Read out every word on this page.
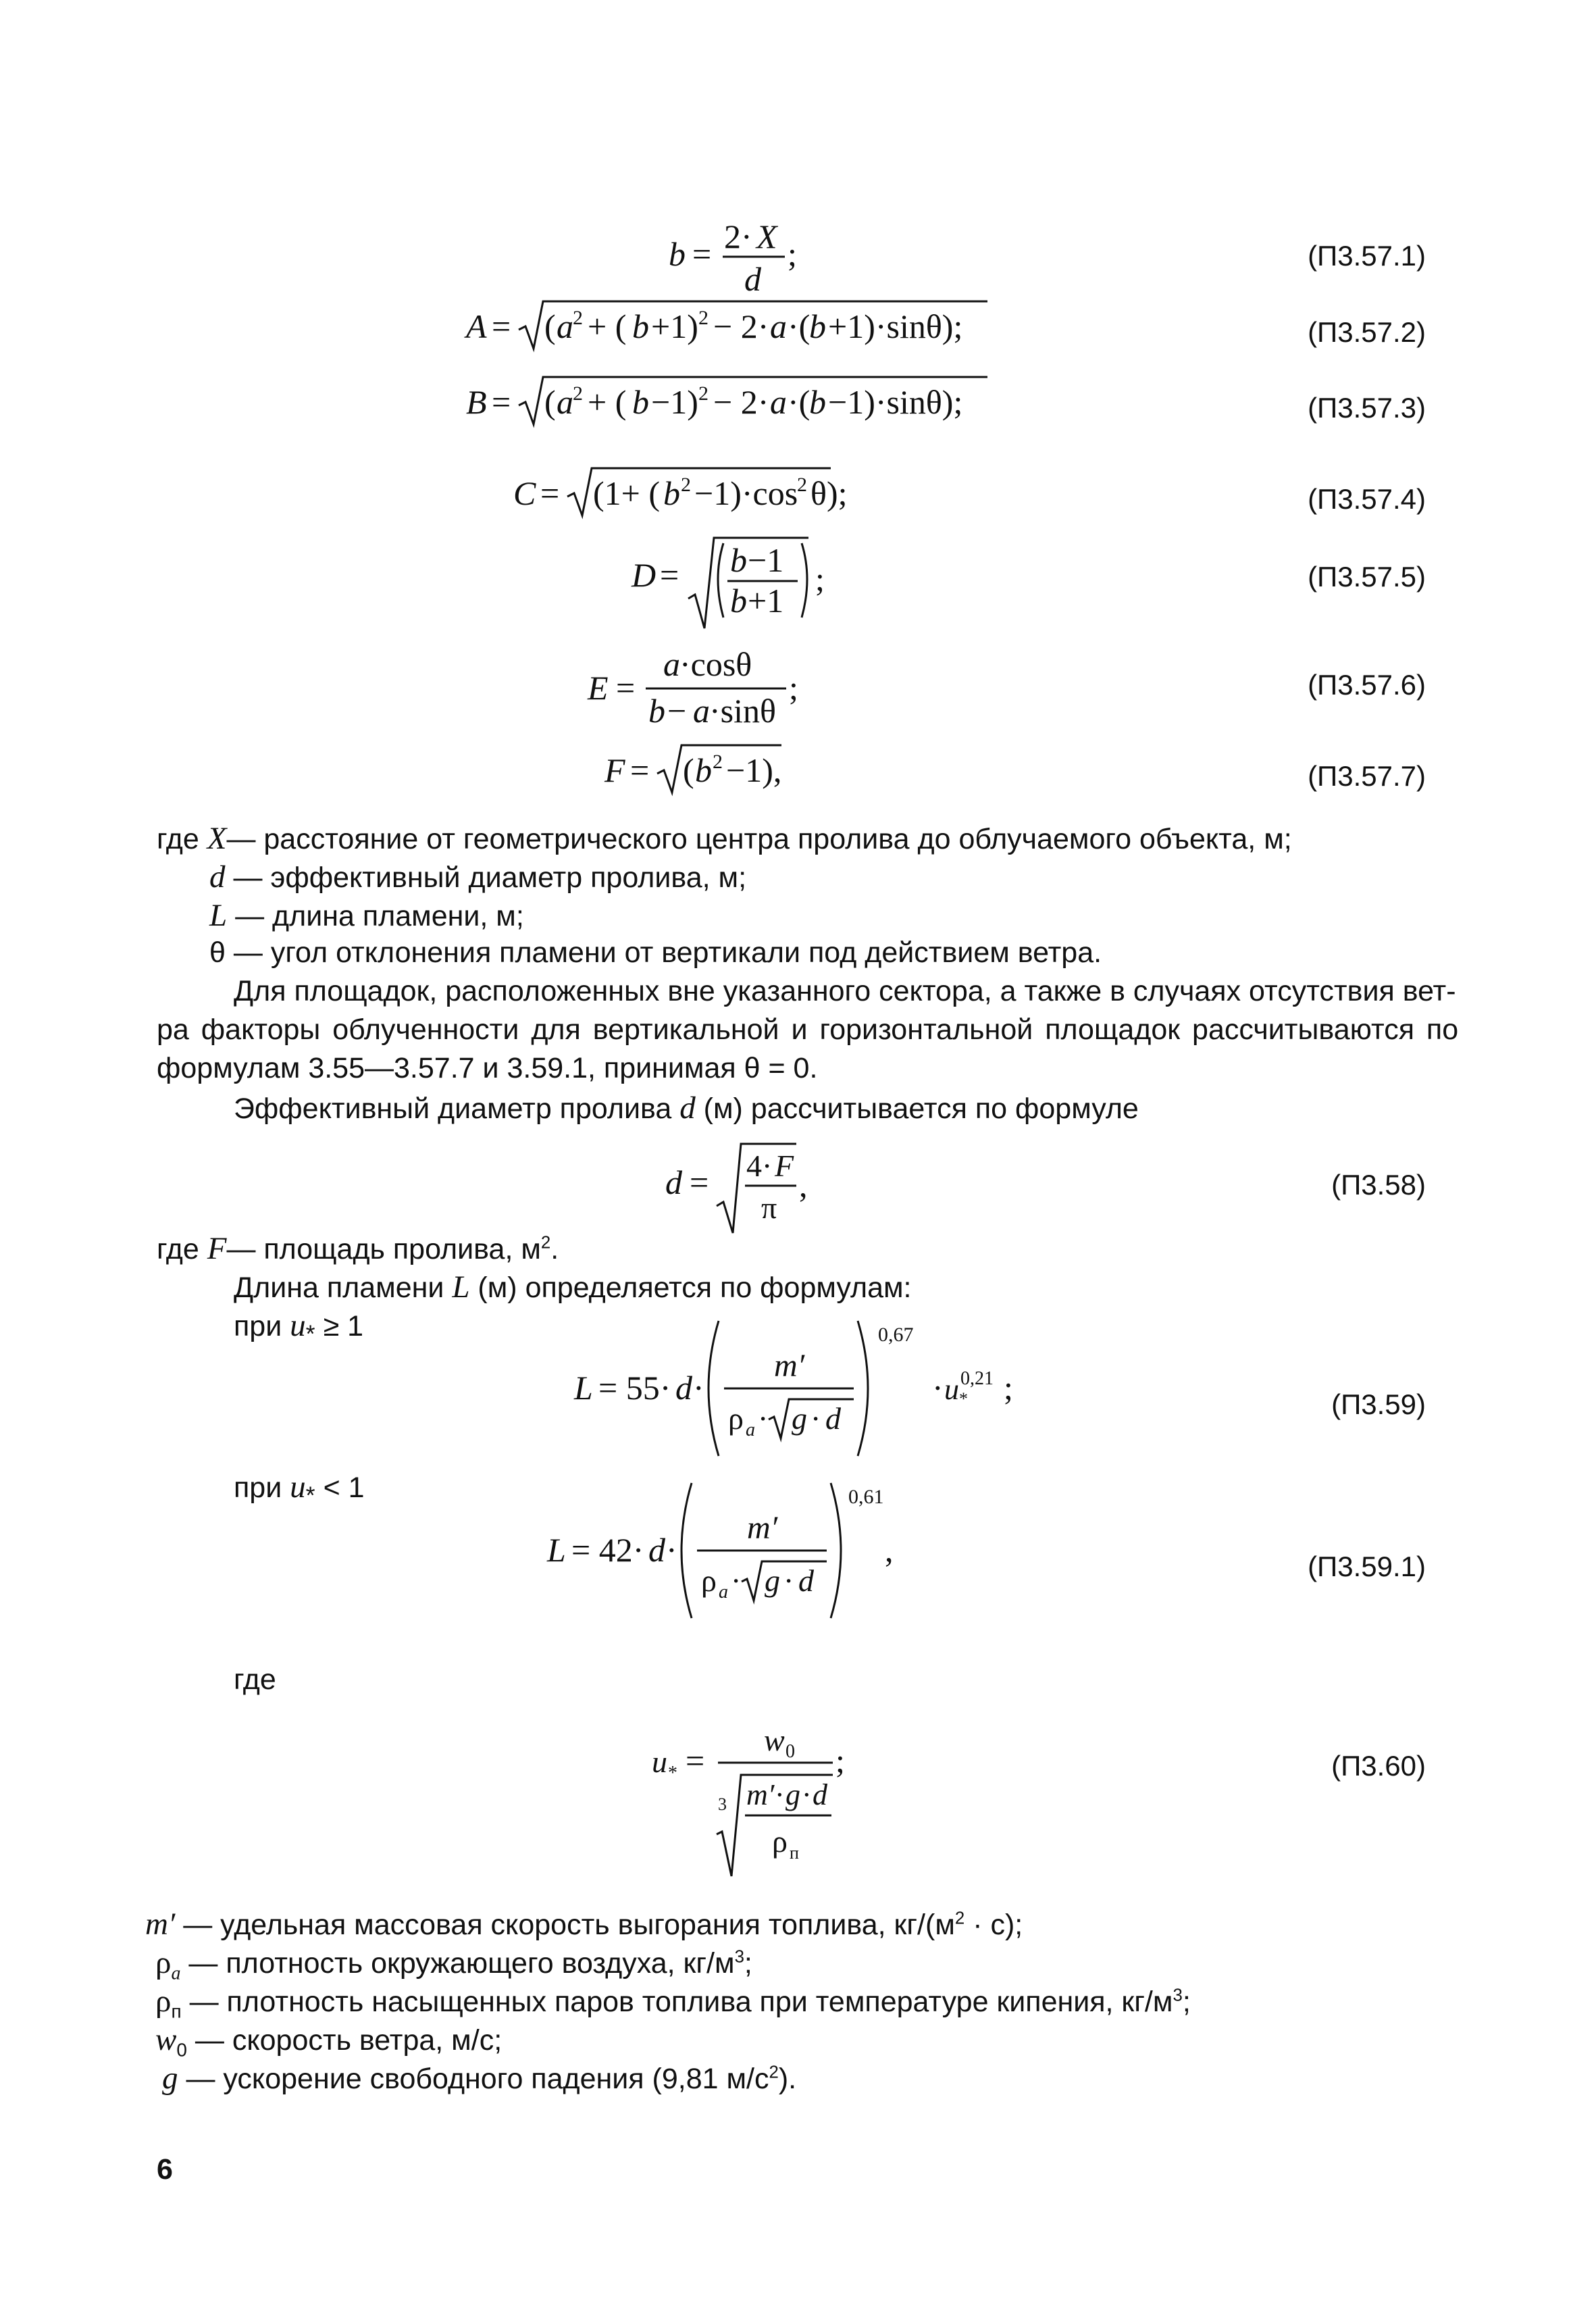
(П3.57.1)
(П3.57.2)
(П3.57.3)
(П3.57.4)
(П3.57.5)
(П3.57.6)
(П3.57.7)
(П3.58)
(П3.59)
(П3.59.1)
(П3.60)
b = 2· X
d
;
A = ( a 2 + ( b +1) 2 − 2· a ·(
b +1)·sinθ);
B = ( a 2 + ( b −1) 2 − 2· a ·(
b −1)·sinθ);
C = (1+ ( b 2 −1)·cos
2 θ);
D = b −1
b +1
;
E =
a ·cosθ
b − a ·sinθ
;
F = ( b 2 −1),
где X— расстояние от геометрического центра пролива до облучаемого объекта, м;
d — эффективный диаметр пролива, м;
L — длина пламени, м;
θ — угол отклонения пламени от вертикали под действием ветра.
Для площадок, расположенных вне указанного сектора, а также в случаях отсутствия вет-
ра факторы облученности для вертикальной и горизонтальной площадок рассчитываются по
формулам 3.55—3.57.7 и 3.59.1, принимая θ = 0.
Эффективный диаметр пролива d (м) рассчитывается по формуле
d = 4· F
π
,
где F— площадь пролива, $м^2$.
Длина пламени L (м) определяется по формулам:
при $u_* \ge 1$
L = 55· d ·
m′
ρ a · g · d
0,67
· u *
0,21 ;
при $u_* < 1$
L = 42· d ·
m′
ρ a · g · d
0,61
,
где
u * =
w 0
3 m′ · g · d
ρ п
;
m′ — удельная массовая скорость выгорания топлива, $кг/(м^2 \cdot с)$;
$\rho_a$ — плотность окружающего воздуха, $кг/м^3$;
$\rho_п$ — плотность насыщенных паров топлива при температуре кипения, $кг/м^3$;
$w_0$ — скорость ветра, м/с;
g — ускорение свободного падения (9,81 $м/с^2$).
6
